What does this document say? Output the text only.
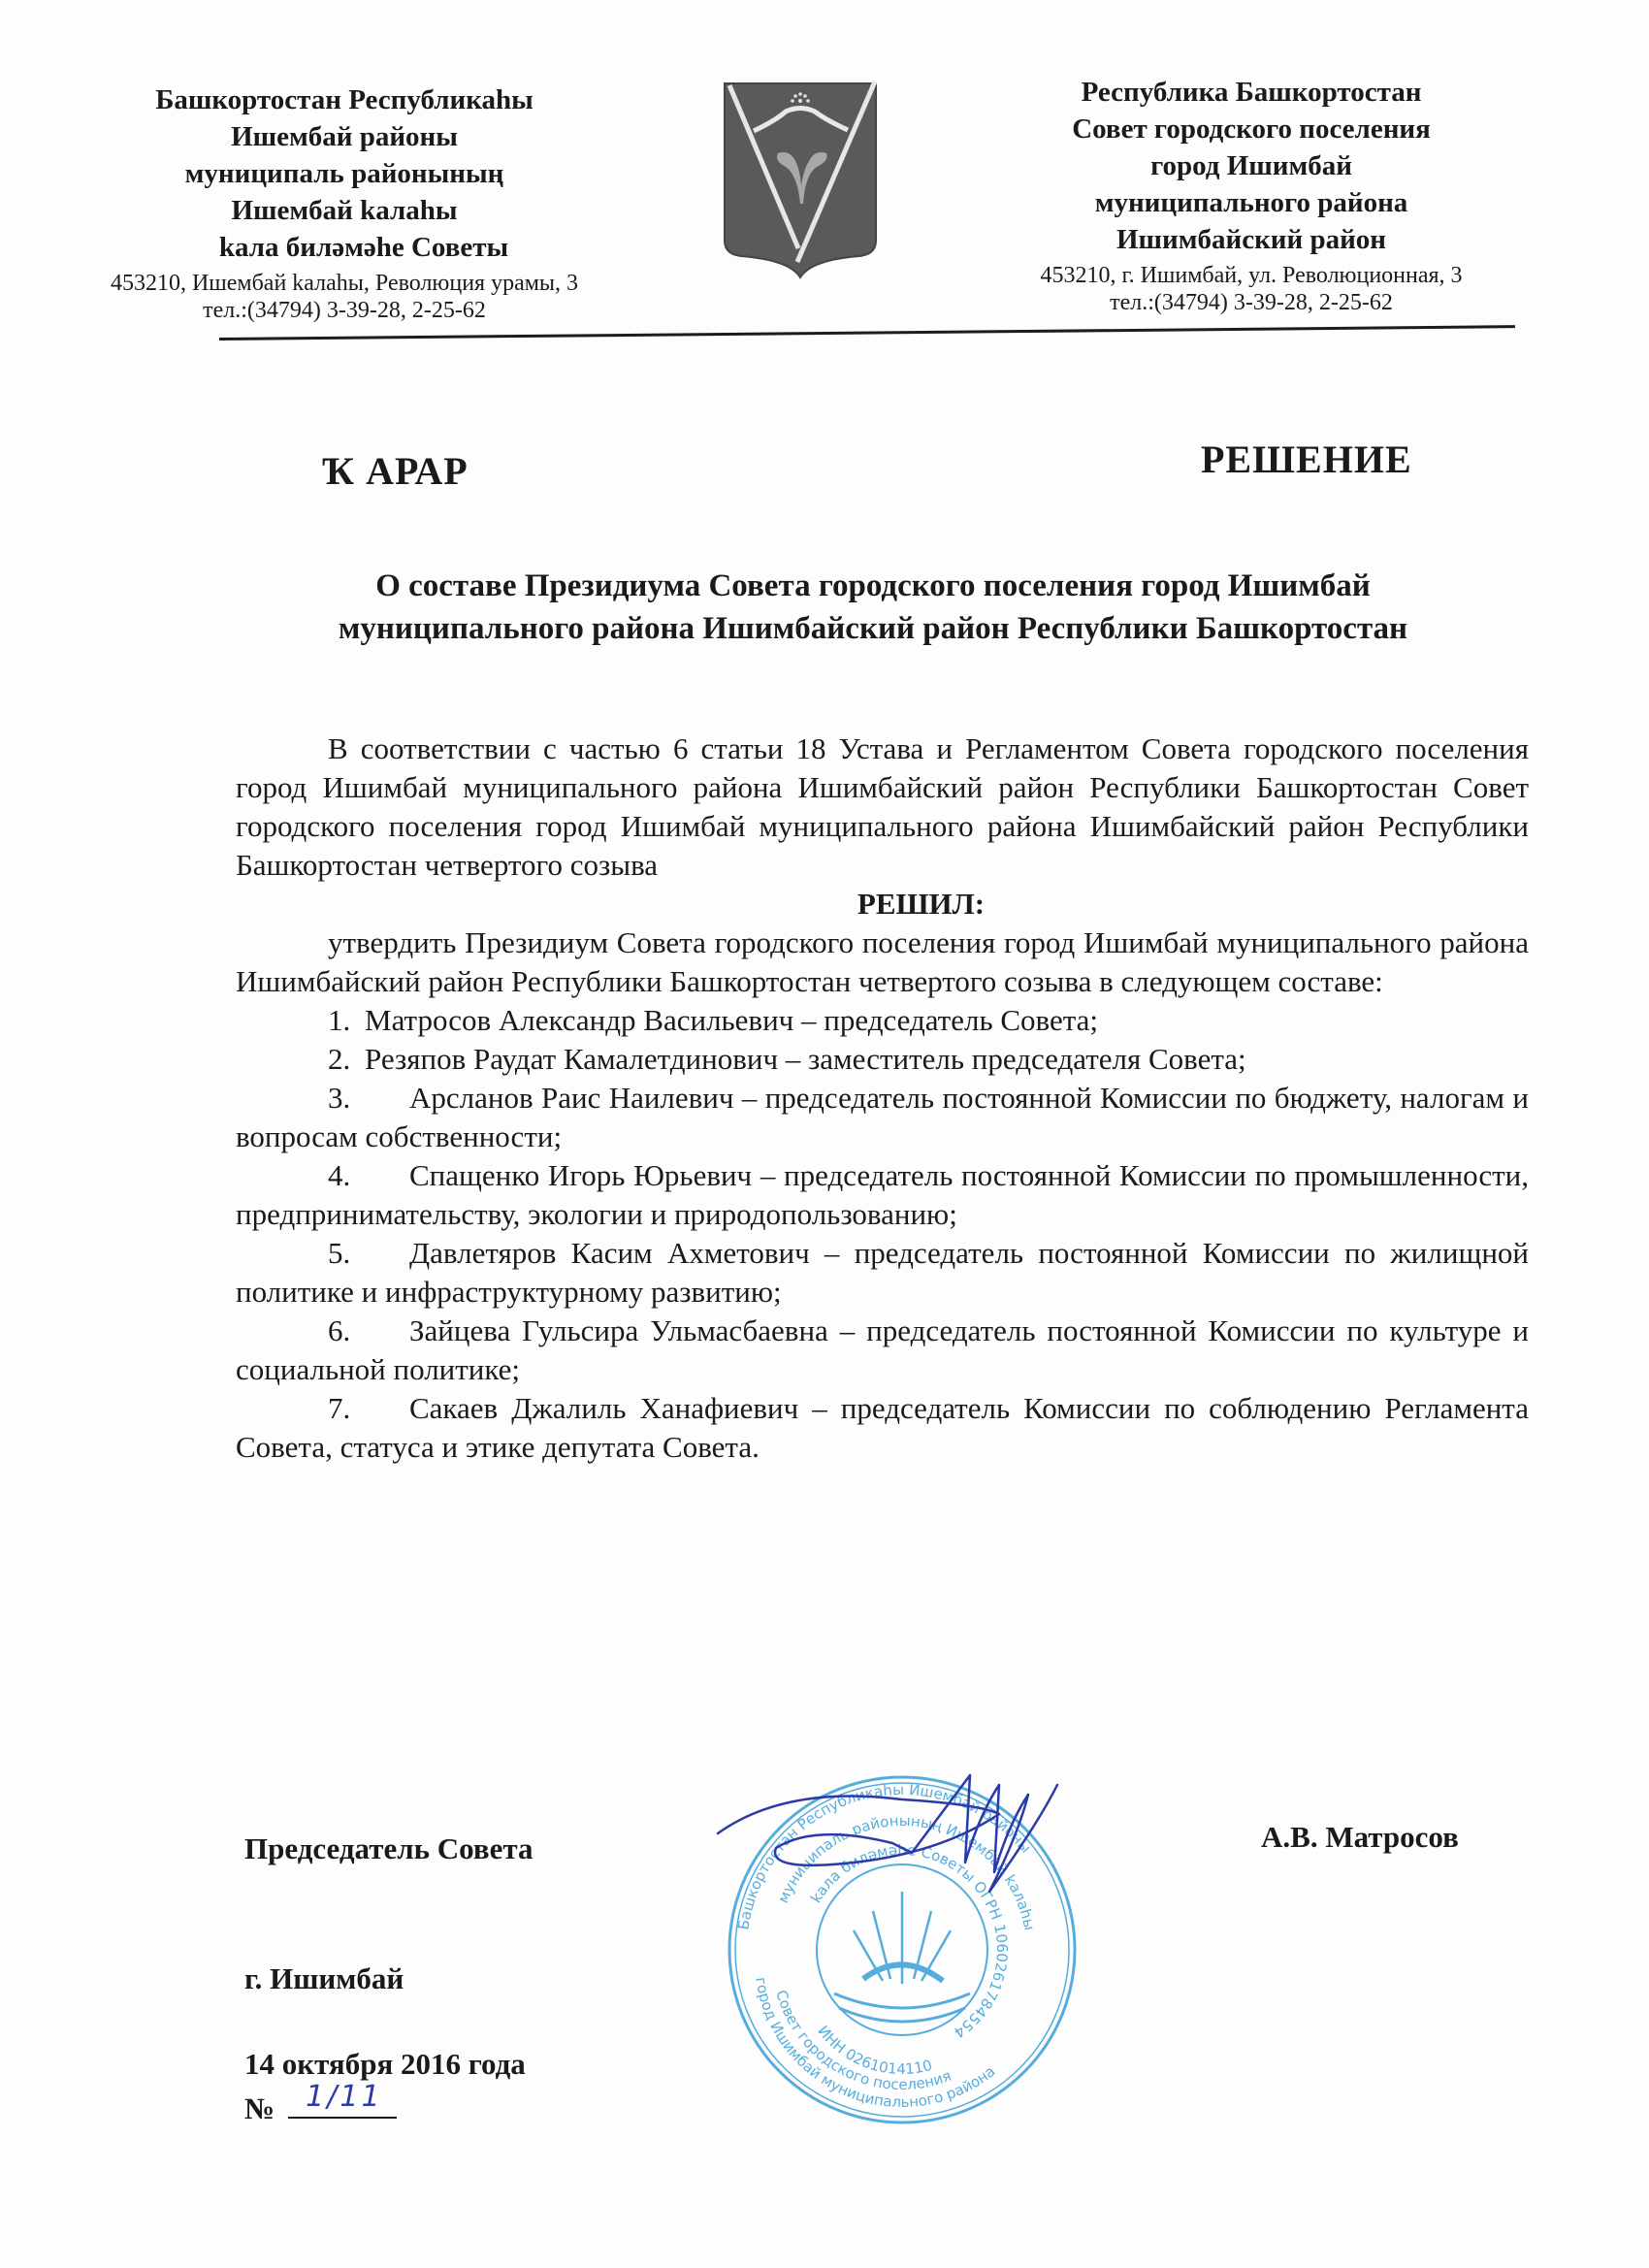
Башкортостан Республикаhы
Ишембай районы
муниципаль районының
Ишембай kалаhы
kала биләмәhе Советы
453210, Ишембай kалаhы, Революция урамы, 3
тел.:(34794) 3-39-28, 2-25-62
Республика Башкортостан
Совет городского поселения
город Ишимбай
муниципального района
Ишимбайский район
453210, г. Ишимбай, ул. Революционная, 3
тел.:(34794) 3-39-28, 2-25-62
Ҡ АРАР	РЕШЕНИЕ
О составе Президиума Совета городского поселения город Ишимбай
муниципального района Ишимбайский район Республики Башкортостан

В соответствии с частью 6 статьи 18 Устава и Регламентом Совета городского поселения город Ишимбай муниципального района Ишимбайский район Республики Башкортостан Совет городского поселения город Ишимбай муниципального района Ишимбайский район Республики Башкортостан четвертого созыва

РЕШИЛ:

утвердить Президиум Совета городского поселения город Ишимбай муниципального района Ишимбайский район Республики Башкортостан четвертого созыва в следующем составе:

1. Матросов Александр Васильевич – председатель Совета;
2. Резяпов Раудат Камалетдинович – заместитель председателя Совета;
3. Арсланов Раис Наилевич – председатель постоянной Комиссии по бюджету, налогам и вопросам собственности;
4. Спащенко Игорь Юрьевич – председатель постоянной Комиссии по промышленности, предпринимательству, экологии и природопользованию;
5. Давлетяров Касим Ахметович – председатель постоянной Комиссии по жилищной политике и инфраструктурному развитию;
6. Зайцева Гульсира Ульмасбаевна – председатель постоянной Комиссии по культуре и социальной политике;
7. Сакаев Джалиль Ханафиевич – председатель Комиссии по соблюдению Регламента Совета, статуса и этике депутата Совета.
Председатель Совета	А.В. Матросов
Башкортостан Республикаhы Ишембай районы
муниципаль районының Ишембай kалаhы
kала биләмәhе Советы ОГРН 1060261784554
ИНН 0261014110
Совет городского поселения
город Ишимбай муниципального района
г. Ишимбай
14 октября 2016 года
№ 1/11
